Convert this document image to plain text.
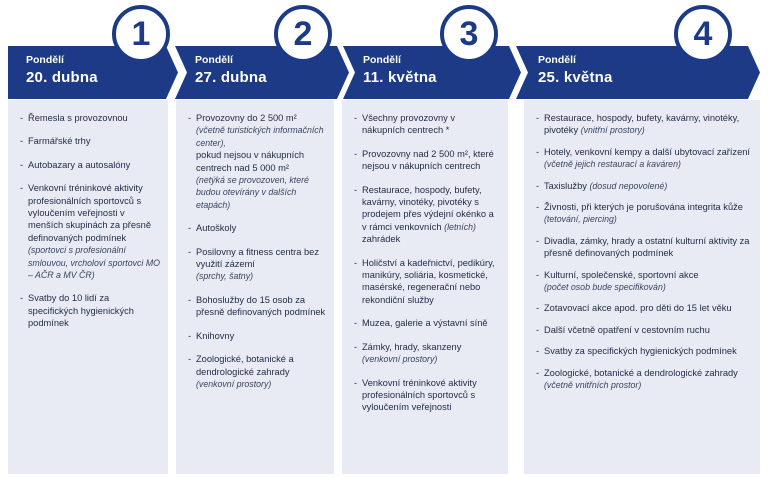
1
Pondělí
20. dubna
- Řemesla s provozovnou
- Farmářské trhy
- Autobazary a autosalóny
- Venkovní tréninkové aktivity profesionálních sportovců s vyloučením veřejnosti v menších skupinách za přesně definovaných podmínek
(sportovci s profesionální smlouvou, vrcholoví sportovci MO – AČR a MV ČR)
- Svatby do 10 lidí za specifických hygienických podmínek
2
Pondělí
27. dubna
- Provozovny do 2 500 m²
(včetně turistických informačních center),
pokud nejsou v nákupních centrech nad 5 000 m²
(netýká se provozoven, které budou otevírány v dalších etapách)
- Autoškoly
- Posilovny a fitness centra bez využití zázemí
(sprchy, šatny)
- Bohoslužby do 15 osob za přesně definovaných podmínek
- Knihovny
- Zoologické, botanické a dendrologické zahrady
(venkovní prostory)
3
Pondělí
11. května
- Všechny provozovny v nákupních centrech *
- Provozovny nad 2 500 m², které nejsou v nákupních centrech
- Restaurace, hospody, bufety, kavárny, vinotéky, pivotéky s prodejem přes výdejní okénko a v rámci venkovních (letních) zahrádek
- Holičství a kadeřnictví, pedikúry, manikúry, soliária, kosmetické, masérské, regenerační nebo rekondiční služby
- Muzea, galerie a výstavní síně
- Zámky, hrady, skanzeny
(venkovní prostory)
- Venkovní tréninkové aktivity profesionálních sportovců s vyloučením veřejnosti
4
Pondělí
25. května
- Restaurace, hospody, bufety, kavárny, vinotéky, pivotéky (vnitřní prostory)
- Hotely, venkovní kempy a další ubytovací zařízení
(včetně jejich restaurací a kaváren)
- Taxislužby (dosud nepovolené)
- Živnosti, při kterých je porušována integrita kůže (tetování, piercing)
- Divadla, zámky, hrady a ostatní kulturní aktivity za přesně definovaných podmínek
- Kulturní, společenské, sportovní akce
(počet osob bude specifikován)
- Zotavovací akce apod. pro děti do 15 let věku
- Další včetně opatření v cestovním ruchu
- Svatby za specifických hygienických podmínek
- Zoologické, botanické a dendrologické zahrady (včetně vnitřních prostor)
